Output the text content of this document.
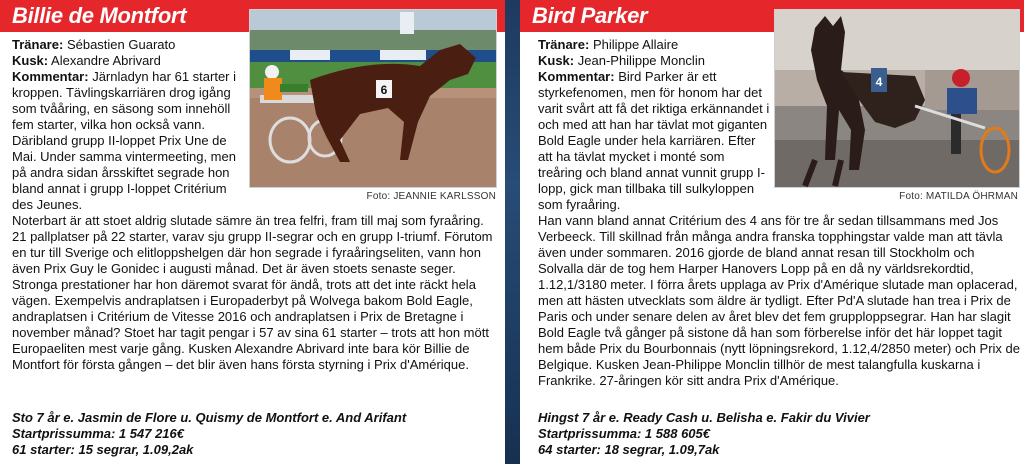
Billie de Montfort
6
Foto: JEANNIE KARLSSON
Tränare: Sébastien Guarato
Kusk: Alexandre Abrivard
Kommentar: Järnladyn har 61 starter i kroppen. Tävlingskarriären drog igång som tvååring, en säsong som innehöll fem starter, vilka hon också vann. Däribland grupp II-loppet Prix Une de Mai. Under samma vintermeeting, men på andra sidan årsskiftet segrade hon bland annat i grupp I-loppet Critérium des Jeunes.
Noterbart är att stoet aldrig slutade sämre än trea felfri, fram till maj som fyraåring. 21 pallplatser på 22 starter, varav sju grupp II-segrar och en grupp I-triumf. Förutom en tur till Sverige och elitloppshelgen där hon segrade i fyraåringseliten, vann hon även Prix Guy le Gonidec i augusti månad. Det är även stoets senaste seger. Stronga prestationer har hon däremot svarat för ändå, trots att det inte räckt hela vägen. Exempelvis andraplatsen i Europaderbyt på Wolvega bakom Bold Eagle, andraplatsen i Critérium de Vitesse 2016 och andraplatsen i Prix de Bretagne i november månad? Stoet har tagit pengar i 57 av sina 61 starter – trots att hon mött Europaeliten mest varje gång. Kusken Alexandre Abrivard inte bara kör Billie de Montfort för första gången – det blir även hans första styrning i Prix d'Amérique.
Sto 7 år e. Jasmin de Flore u. Quismy de Montfort e. And Arifant
Startprissumma: 1 547 216€
61 starter: 15 segrar, 1.09,2ak
Bird Parker
4
Foto: MATILDA ÖHRMAN
Tränare: Philippe Allaire
Kusk: Jean-Philippe Monclin
Kommentar: Bird Parker är ett styrkefenomen, men för honom har det varit svårt att få det riktiga erkännandet i och med att han har tävlat mot giganten Bold Eagle under hela karriären. Efter att ha tävlat mycket i monté som treåring och bland annat vunnit grupp I-lopp, gick man tillbaka till sulkyloppen som fyraåring.
Han vann bland annat Critérium des 4 ans för tre år sedan tillsammans med Jos Verbeeck. Till skillnad från många andra franska topphingstar valde man att tävla även under sommaren. 2016 gjorde de bland annat resan till Stockholm och Solvalla där de tog hem Harper Hanovers Lopp på en då ny världsrekordtid, 1.12,1/3180 meter. I förra årets upplaga av Prix d'Amérique slutade man oplacerad, men att hästen utvecklats som äldre är tydligt. Efter Pd'A slutade han trea i Prix de Paris och under senare delen av året blev det fem grupploppsegrar. Han har slagit Bold Eagle två gånger på sistone då han som förberelse inför det här loppet tagit hem både Prix du Bourbonnais (nytt löpningsrekord, 1.12,4/2850 meter) och Prix de Belgique. Kusken Jean-Philippe Monclin tillhör de mest talangfulla kuskarna i Frankrike. 27-åringen kör sitt andra Prix d'Amérique.
Hingst 7 år e. Ready Cash u. Belisha e. Fakir du Vivier
Startprissumma: 1 588 605€
64 starter: 18 segrar, 1.09,7ak
